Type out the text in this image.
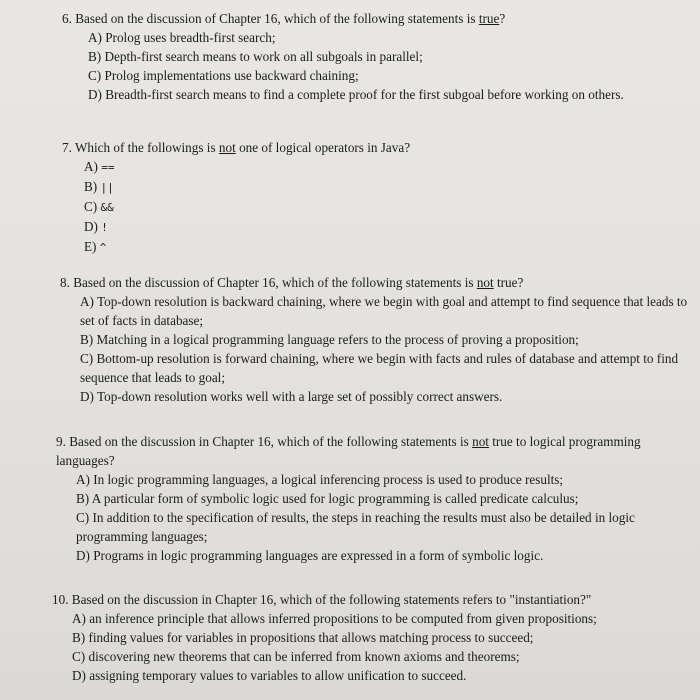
6. Based on the discussion of Chapter 16, which of the following statements is true?

A) Prolog uses breadth-first search;

B) Depth-first search means to work on all subgoals in parallel;

C) Prolog implementations use backward chaining;

D) Breadth-first search means to find a complete proof for the first subgoal before working on others.

7. Which of the followings is not one of logical operators in Java?

A) ==

B) ||

C) &&

D) !

E) ^

8. Based on the discussion of Chapter 16, which of the following statements is not true?

A) Top-down resolution is backward chaining, where we begin with goal and attempt to find sequence that leads to set of facts in database;

B) Matching in a logical programming language refers to the process of proving a proposition;

C) Bottom-up resolution is forward chaining, where we begin with facts and rules of database and attempt to find sequence that leads to goal;

D) Top-down resolution works well with a large set of possibly correct answers.

9. Based on the discussion in Chapter 16, which of the following statements is not true to logical programming languages?

A) In logic programming languages, a logical inferencing process is used to produce results;

B) A particular form of symbolic logic used for logic programming is called predicate calculus;

C) In addition to the specification of results, the steps in reaching the results must also be detailed in logic programming languages;

D) Programs in logic programming languages are expressed in a form of symbolic logic.

10. Based on the discussion in Chapter 16, which of the following statements refers to "instantiation?"

A) an inference principle that allows inferred propositions to be computed from given propositions;

B) finding values for variables in propositions that allows matching process to succeed;

C) discovering new theorems that can be inferred from known axioms and theorems;

D) assigning temporary values to variables to allow unification to succeed.
